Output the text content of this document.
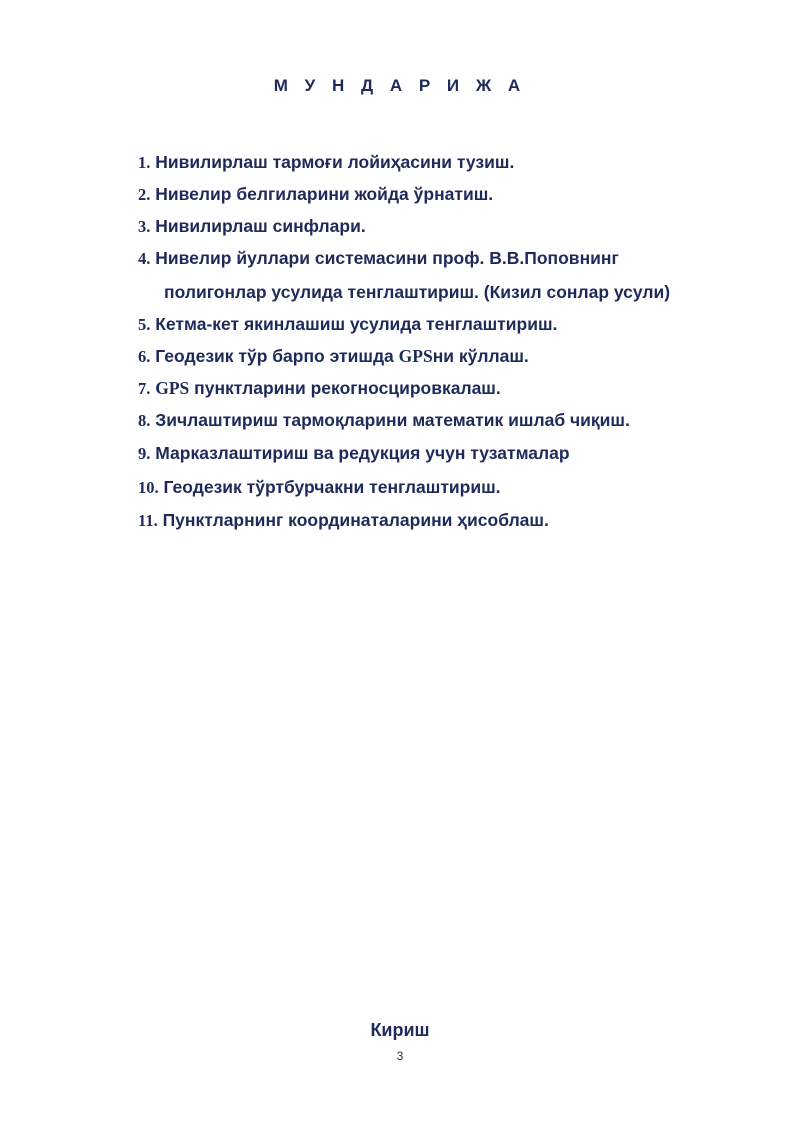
М У Н Д А Р И Ж А
1. Нивилирлаш тармоғи лойиҳасини тузиш.
2. Нивелир белгиларини жойда ўрнатиш.
3. Нивилирлаш синфлари.
4. Нивелир йуллари системасини проф. В.В.Поповнинг
полигонлар усулида тенглаштириш. (Кизил сонлар усули)
5. Кетма-кет якинлашиш усулида тенглаштириш.
6. Геодезик тўр барпо этишда GPSни кўллаш.
7. GPS пунктларини рекогносцировкалаш.
8. Зичлаштириш тармоқларини математик ишлаб чиқиш.
9. Марказлаштириш ва редукция учун тузатмалар
10. Геодезик тўртбурчакни тенглаштириш.
11. Пунктларнинг координаталарини ҳисоблаш.
Кириш
3
